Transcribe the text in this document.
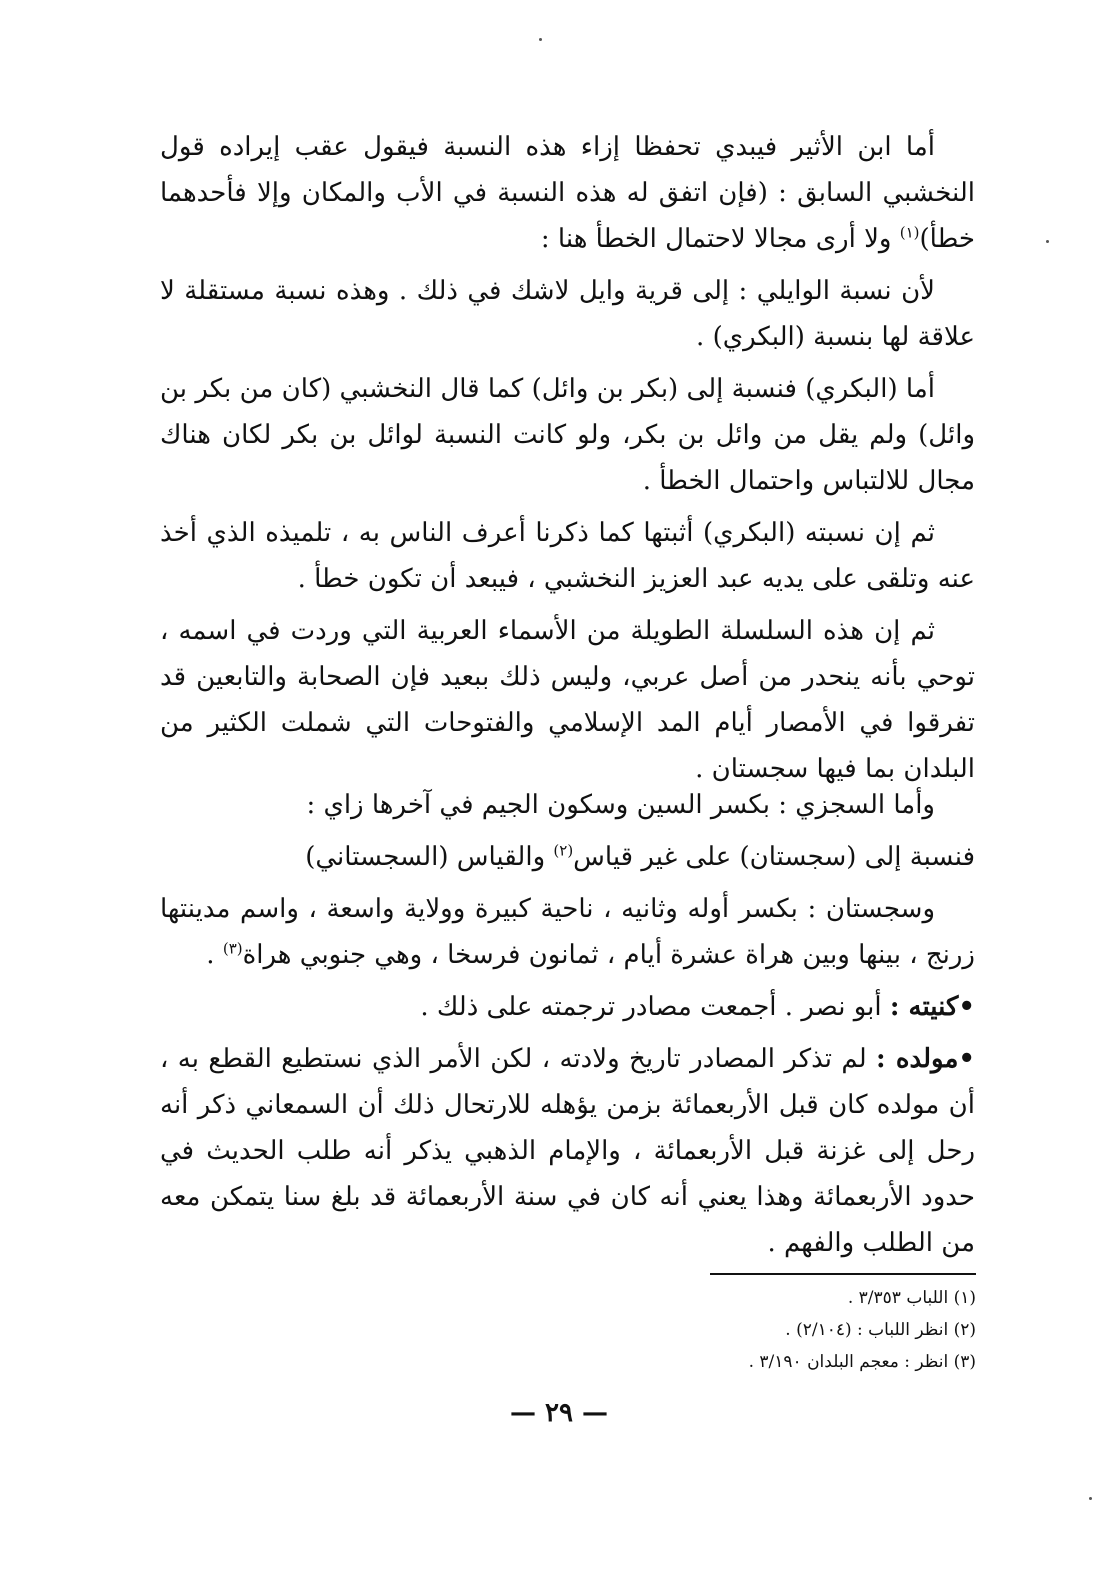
أما ابن الأثير فيبدي تحفظا إزاء هذه النسبة فيقول عقب إيراده قول النخشبي السابق : (فإن اتفق له هذه النسبة في الأب والمكان وإلا فأحدهما خطأ)$^{(١)}$ ولا أرى مجالا لاحتمال الخطأ هنا :

لأن نسبة الوايلي : إلى قرية وايل لاشك في ذلك . وهذه نسبة مستقلة لا علاقة لها بنسبة (البكري) .

أما (البكري) فنسبة إلى (بكر بن وائل) كما قال النخشبي (كان من بكر بن وائل) ولم يقل من وائل بن بكر، ولو كانت النسبة لوائل بن بكر لكان هناك مجال للالتباس واحتمال الخطأ .

ثم إن نسبته (البكري) أثبتها كما ذكرنا أعرف الناس به ، تلميذه الذي أخذ عنه وتلقى على يديه عبد العزيز النخشبي ، فيبعد أن تكون خطأ .

ثم إن هذه السلسلة الطويلة من الأسماء العربية التي وردت في اسمه ، توحي بأنه ينحدر من أصل عربي، وليس ذلك ببعيد فإن الصحابة والتابعين قد تفرقوا في الأمصار أيام المد الإسلامي والفتوحات التي شملت الكثير من البلدان بما فيها سجستان .

وأما السجزي : بكسر السين وسكون الجيم في آخرها زاي :

فنسبة إلى (سجستان) على غير قياس$^{(٢)}$ والقياس (السجستاني)

وسجستان : بكسر أوله وثانيه ، ناحية كبيرة وولاية واسعة ، واسم مدينتها زرنج ، بينها وبين هراة عشرة أيام ، ثمانون فرسخا ، وهي جنوبي هراة$^{(٣)}$ .

•كنيته : أبو نصر . أجمعت مصادر ترجمته على ذلك .

•مولده : لم تذكر المصادر تاريخ ولادته ، لكن الأمر الذي نستطيع القطع به ، أن مولده كان قبل الأربعمائة بزمن يؤهله للارتحال ذلك أن السمعاني ذكر أنه رحل إلى غزنة قبل الأربعمائة ، والإمام الذهبي يذكر أنه طلب الحديث في حدود الأربعمائة وهذا يعني أنه كان في سنة الأربعمائة قد بلغ سنا يتمكن معه من الطلب والفهم .

(١) اللباب ٣/٣٥٣ .

(٢) انظر اللباب : (٢/١٠٤) .

(٣) انظر : معجم البلدان ٣/١٩٠ .

— ٢٩ —
